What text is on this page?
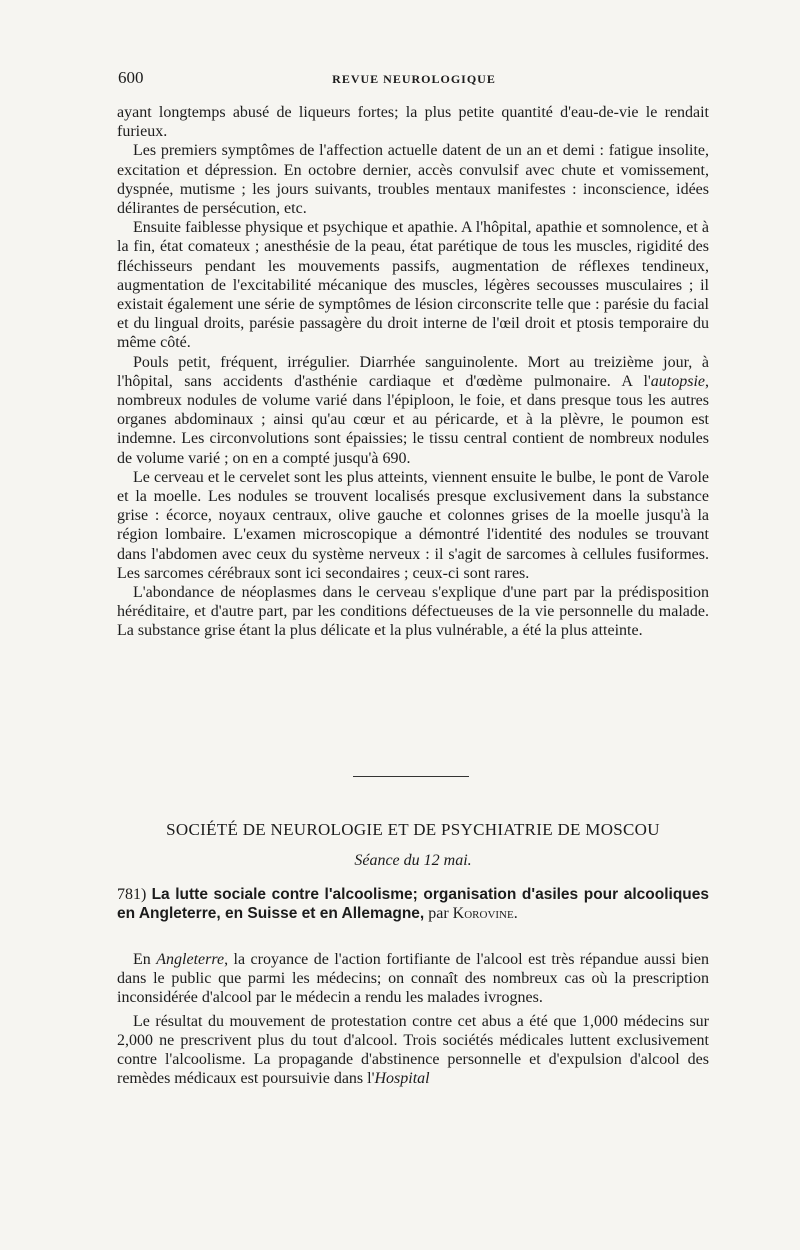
600	REVUE NEUROLOGIQUE

ayant longtemps abusé de liqueurs fortes; la plus petite quantité d'eau-de-vie le rendait furieux.

Les premiers symptômes de l'affection actuelle datent de un an et demi : fatigue insolite, excitation et dépression. En octobre dernier, accès convulsif avec chute et vomissement, dyspnée, mutisme ; les jours suivants, troubles mentaux manifestes : inconscience, idées délirantes de persécution, etc.

Ensuite faiblesse physique et psychique et apathie. A l'hôpital, apathie et somnolence, et à la fin, état comateux ; anesthésie de la peau, état parétique de tous les muscles, rigidité des fléchisseurs pendant les mouvements passifs, augmentation de réflexes tendineux, augmentation de l'excitabilité mécanique des muscles, légères secousses musculaires ; il existait également une série de symptômes de lésion circonscrite telle que : parésie du facial et du lingual droits, parésie passagère du droit interne de l'œil droit et ptosis temporaire du même côté.

Pouls petit, fréquent, irrégulier. Diarrhée sanguinolente. Mort au treizième jour, à l'hôpital, sans accidents d'asthénie cardiaque et d'œdème pulmonaire. A l'autopsie, nombreux nodules de volume varié dans l'épiploon, le foie, et dans presque tous les autres organes abdominaux ; ainsi qu'au cœur et au péricarde, et à la plèvre, le poumon est indemne. Les circonvolutions sont épaissies; le tissu central contient de nombreux nodules de volume varié ; on en a compté jusqu'à 690.

Le cerveau et le cervelet sont les plus atteints, viennent ensuite le bulbe, le pont de Varole et la moelle. Les nodules se trouvent localisés presque exclusivement dans la substance grise : écorce, noyaux centraux, olive gauche et colonnes grises de la moelle jusqu'à la région lombaire. L'examen microscopique a démontré l'identité des nodules se trouvant dans l'abdomen avec ceux du système nerveux : il s'agit de sarcomes à cellules fusiformes. Les sarcomes cérébraux sont ici secondaires ; ceux-ci sont rares.

L'abondance de néoplasmes dans le cerveau s'explique d'une part par la prédisposition héréditaire, et d'autre part, par les conditions défectueuses de la vie personnelle du malade. La substance grise étant la plus délicate et la plus vulnérable, a été la plus atteinte.

SOCIÉTÉ DE NEUROLOGIE ET DE PSYCHIATRIE DE MOSCOU
Séance du 12 mai.
781) La lutte sociale contre l'alcoolisme; organisation d'asiles pour alcooliques en Angleterre, en Suisse et en Allemagne, par Korovine.

En Angleterre, la croyance de l'action fortifiante de l'alcool est très répandue aussi bien dans le public que parmi les médecins; on connaît des nombreux cas où la prescription inconsidérée d'alcool par le médecin a rendu les malades ivrognes.

Le résultat du mouvement de protestation contre cet abus a été que 1,000 médecins sur 2,000 ne prescrivent plus du tout d'alcool. Trois sociétés médicales luttent exclusivement contre l'alcoolisme. La propagande d'abstinence personnelle et d'expulsion d'alcool des remèdes médicaux est poursuivie dans l'Hospital
